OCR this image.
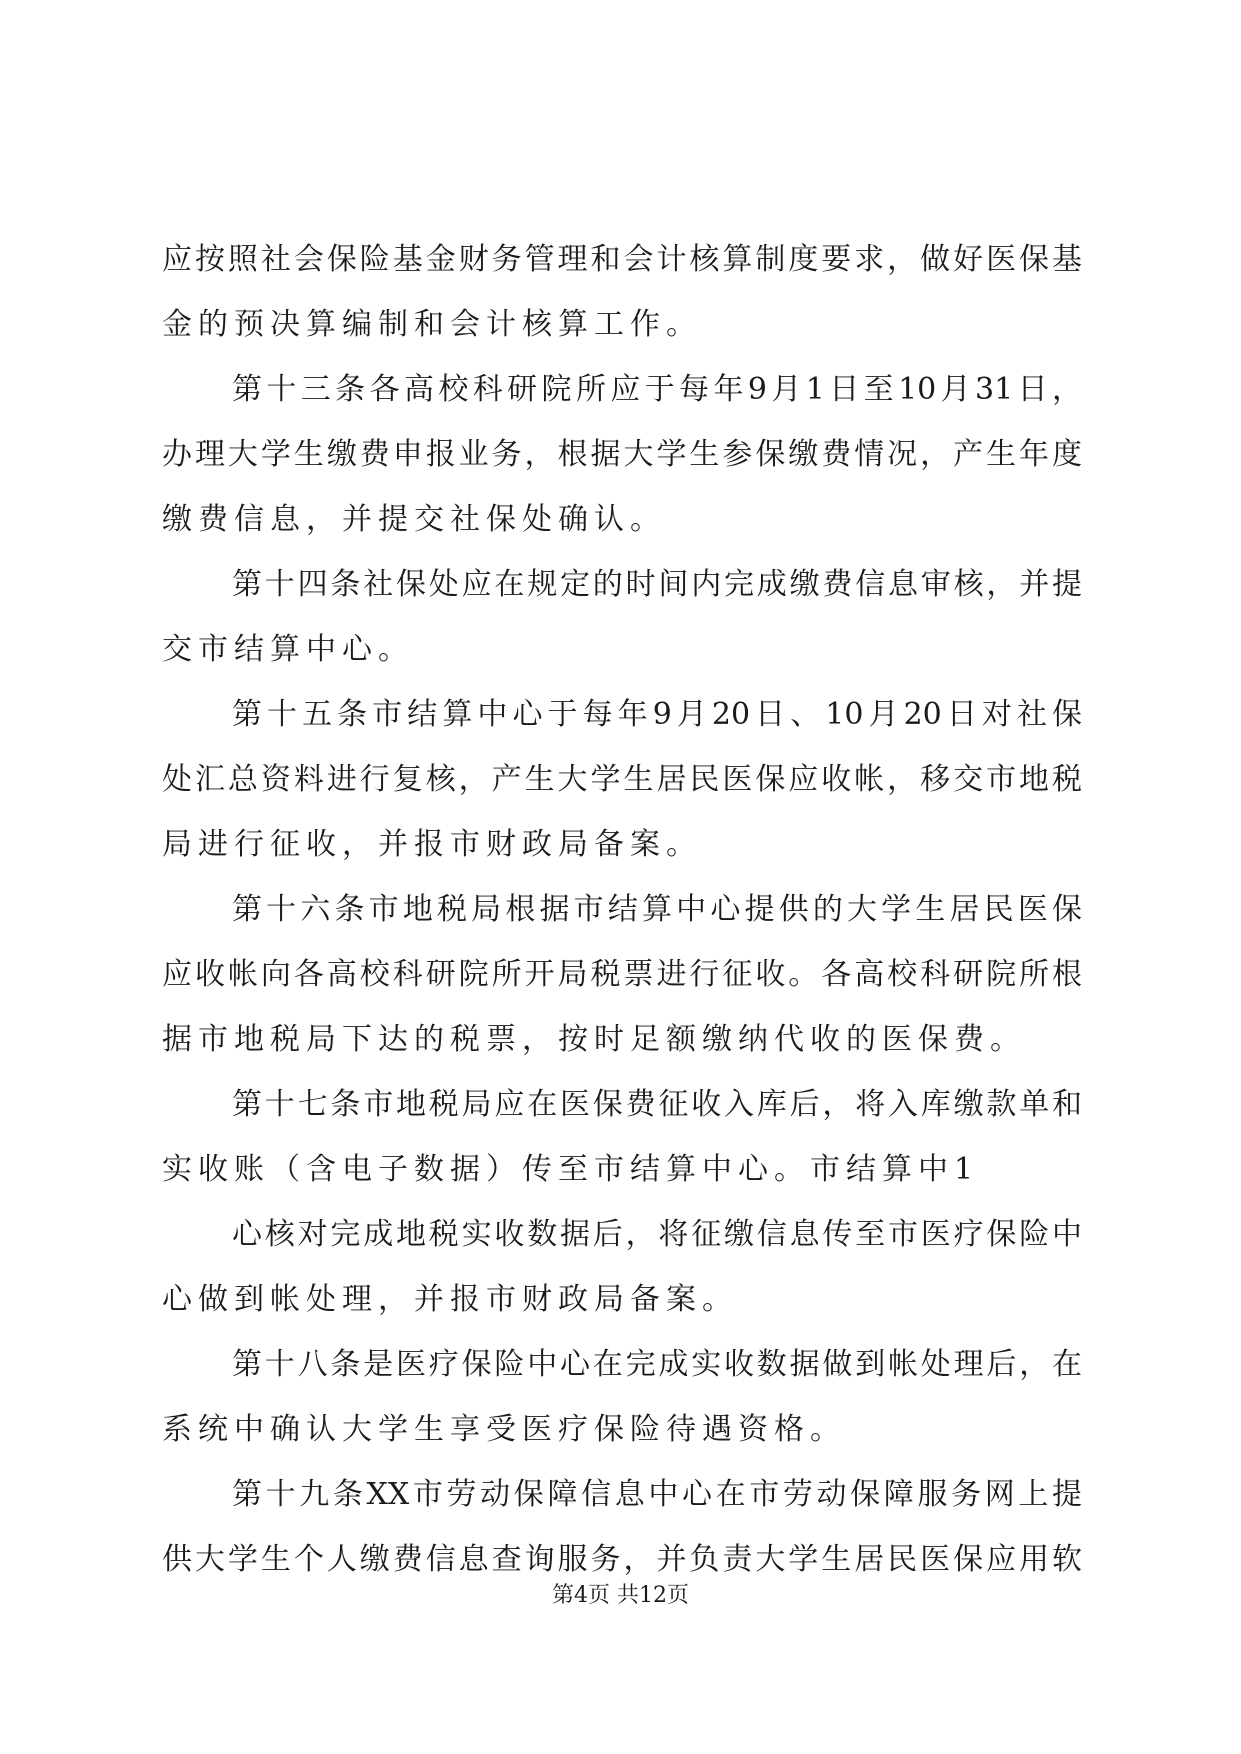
应按照社会保险基金财务管理和会计核算制度要求，做好医保基
金的预决算编制和会计核算工作。
第十三条各高校科研院所应于每年9月1日至10月31日，
办理大学生缴费申报业务，根据大学生参保缴费情况，产生年度
缴费信息，并提交社保处确认。
第十四条社保处应在规定的时间内完成缴费信息审核，并提
交市结算中心。
第十五条市结算中心于每年9月20日、10月20日对社保
处汇总资料进行复核，产生大学生居民医保应收帐，移交市地税
局进行征收，并报市财政局备案。
第十六条市地税局根据市结算中心提供的大学生居民医保
应收帐向各高校科研院所开局税票进行征收。各高校科研院所根
据市地税局下达的税票，按时足额缴纳代收的医保费。
第十七条市地税局应在医保费征收入库后，将入库缴款单和
实收账（含电子数据）传至市结算中心。市结算中1
心核对完成地税实收数据后，将征缴信息传至市医疗保险中
心做到帐处理，并报市财政局备案。
第十八条是医疗保险中心在完成实收数据做到帐处理后，在
系统中确认大学生享受医疗保险待遇资格。
第十九条XX市劳动保障信息中心在市劳动保障服务网上提
供大学生个人缴费信息查询服务，并负责大学生居民医保应用软
第4页 共12页
